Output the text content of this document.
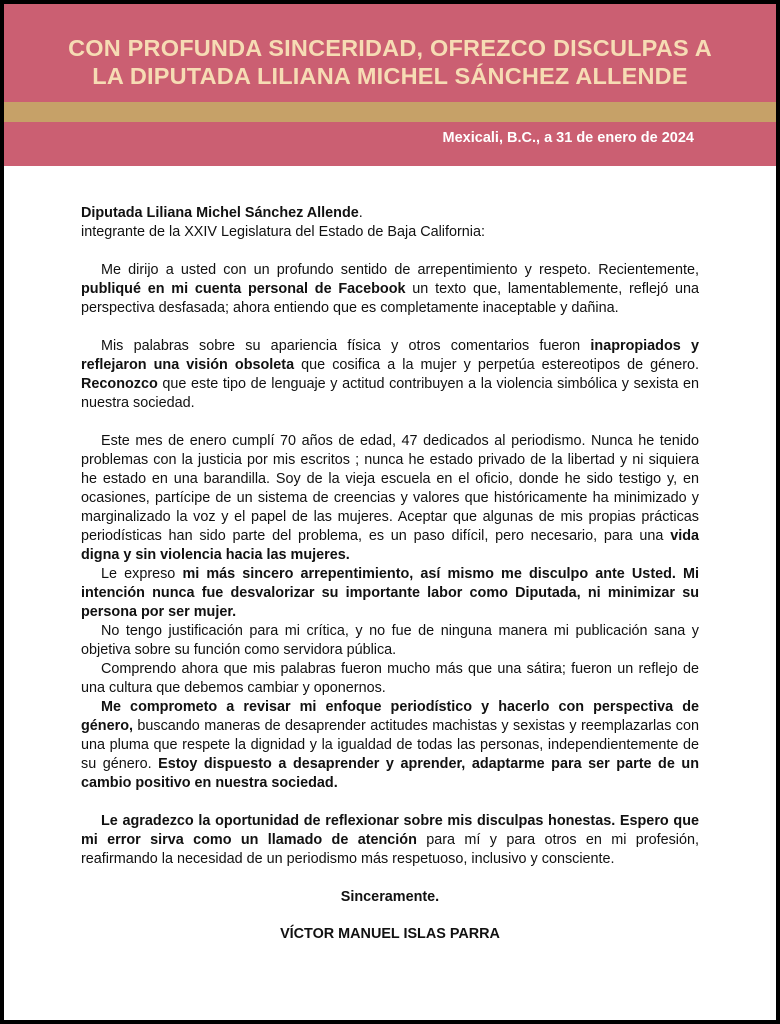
CON PROFUNDA SINCERIDAD, OFREZCO DISCULPAS A
LA DIPUTADA LILIANA MICHEL SÁNCHEZ ALLENDE
Mexicali, B.C., a 31 de enero de 2024

Diputada Liliana Michel Sánchez Allende.

integrante de la XXIV Legislatura del Estado de Baja California:

Me dirijo a usted con un profundo sentido de arrepentimiento y respeto. Recientemente, publiqué en mi cuenta personal de Facebook un texto que, lamentablemente, reflejó una perspectiva desfasada; ahora entiendo que es completamente inaceptable y dañina.

Mis palabras sobre su apariencia física y otros comentarios fueron inapropiados y reflejaron una visión obsoleta que cosifica a la mujer y perpetúa estereotipos de género. Reconozco que este tipo de lenguaje y actitud contribuyen a la violencia simbólica y sexista en nuestra sociedad.

Este mes de enero cumplí 70 años de edad, 47 dedicados al periodismo. Nunca he tenido problemas con la justicia por mis escritos ; nunca he estado privado de la libertad y ni siquiera he estado en una barandilla. Soy de la vieja escuela en el oficio, donde he sido testigo y, en ocasiones, partícipe de un sistema de creencias y valores que históricamente ha minimizado y marginalizado la voz y el papel de las mujeres. Aceptar que algunas de mis propias prácticas periodísticas han sido parte del problema, es un paso difícil, pero necesario, para una vida digna y sin violencia hacia las mujeres.

Le expreso mi más sincero arrepentimiento, así mismo me disculpo ante Usted. Mi intención nunca fue desvalorizar su importante labor como Diputada, ni minimizar su persona por ser mujer.

No tengo justificación para mi crítica, y no fue de ninguna manera mi publicación sana y objetiva sobre su función como servidora pública.

Comprendo ahora que mis palabras fueron mucho más que una sátira; fueron un reflejo de una cultura que debemos cambiar y oponernos.

Me comprometo a revisar mi enfoque periodístico y hacerlo con perspectiva de género, buscando maneras de desaprender actitudes machistas y sexistas y reemplazarlas con una pluma que respete la dignidad y la igualdad de todas las personas, independientemente de su género. Estoy dispuesto a desaprender y aprender, adaptarme para ser parte de un cambio positivo en nuestra sociedad.

Le agradezco la oportunidad de reflexionar sobre mis disculpas honestas. Espero que mi error sirva como un llamado de atención para mí y para otros en mi profesión, reafirmando la necesidad de un periodismo más respetuoso, inclusivo y consciente.

Sinceramente.

VÍCTOR MANUEL ISLAS PARRA
